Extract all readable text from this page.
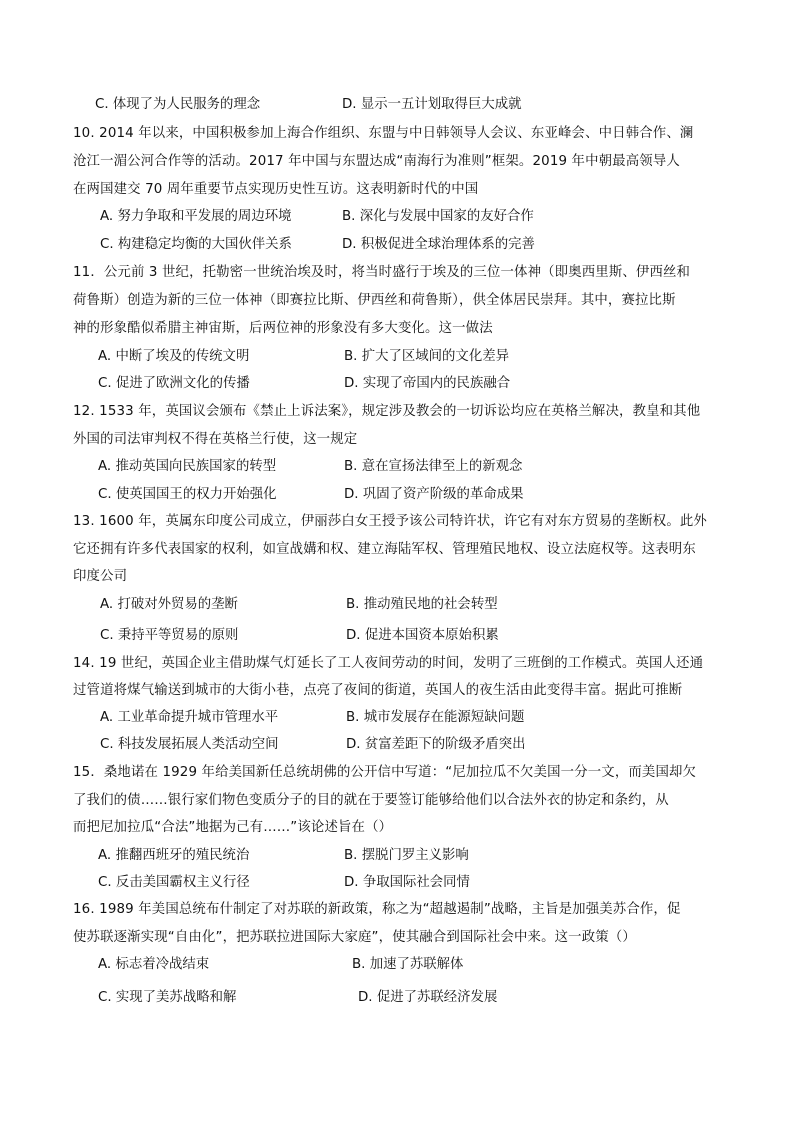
C. 体现了为人民服务的理念	D. 显示一五计划取得巨大成就
10. 2014 年以来，中国积极参加上海合作组织、东盟与中日韩领导人会议、东亚峰会、中日韩合作、澜
沧江一湄公河合作等的活动。2017 年中国与东盟达成“南海行为准则”框架。2019 年中朝最高领导人
在两国建交 70 周年重要节点实现历史性互访。这表明新时代的中国
A. 努力争取和平发展的周边环境	B. 深化与发展中国家的友好合作
C. 构建稳定均衡的大国伙伴关系	D. 积极促进全球治理体系的完善
11．公元前 3 世纪，托勒密一世统治埃及时，将当时盛行于埃及的三位一体神（即奥西里斯、伊西丝和
荷鲁斯）创造为新的三位一体神（即赛拉比斯、伊西丝和荷鲁斯），供全体居民崇拜。其中，赛拉比斯
神的形象酷似希腊主神宙斯，后两位神的形象没有多大变化。这一做法
A. 中断了埃及的传统文明	B. 扩大了区域间的文化差异
C. 促进了欧洲文化的传播	D. 实现了帝国内的民族融合
12. 1533 年，英国议会颁布《禁止上诉法案》，规定涉及教会的一切诉讼均应在英格兰解决，教皇和其他
外国的司法审判权不得在英格兰行使，这一规定
A. 推动英国向民族国家的转型	B. 意在宣扬法律至上的新观念
C. 使英国国王的权力开始强化	D. 巩固了资产阶级的革命成果
13. 1600 年，英属东印度公司成立，伊丽莎白女王授予该公司特许状，许它有对东方贸易的垄断权。此外
它还拥有许多代表国家的权利，如宣战媾和权、建立海陆军权、管理殖民地权、设立法庭权等。这表明东
印度公司
A. 打破对外贸易的垄断	B. 推动殖民地的社会转型
C. 秉持平等贸易的原则	D. 促进本国资本原始积累
14. 19 世纪，英国企业主借助煤气灯延长了工人夜间劳动的时间，发明了三班倒的工作模式。英国人还通
过管道将煤气输送到城市的大街小巷，点亮了夜间的街道，英国人的夜生活由此变得丰富。据此可推断
A. 工业革命提升城市管理水平	B. 城市发展存在能源短缺问题
C. 科技发展拓展人类活动空间	D. 贫富差距下的阶级矛盾突出
15．桑地诺在 1929 年给美国新任总统胡佛的公开信中写道：“尼加拉瓜不欠美国一分一文，而美国却欠
了我们的债……银行家们物色变质分子的目的就在于要签订能够给他们以合法外衣的协定和条约，从
而把尼加拉瓜“合法”地据为己有……”该论述旨在（）
A. 推翻西班牙的殖民统治	B. 摆脱门罗主义影响
C. 反击美国霸权主义行径	D. 争取国际社会同情
16. 1989 年美国总统布什制定了对苏联的新政策，称之为“超越遏制”战略，主旨是加强美苏合作，促
使苏联逐渐实现“自由化”，把苏联拉进国际大家庭”，使其融合到国际社会中来。这一政策（）
A. 标志着冷战结束	B. 加速了苏联解体
C. 实现了美苏战略和解	D. 促进了苏联经济发展
